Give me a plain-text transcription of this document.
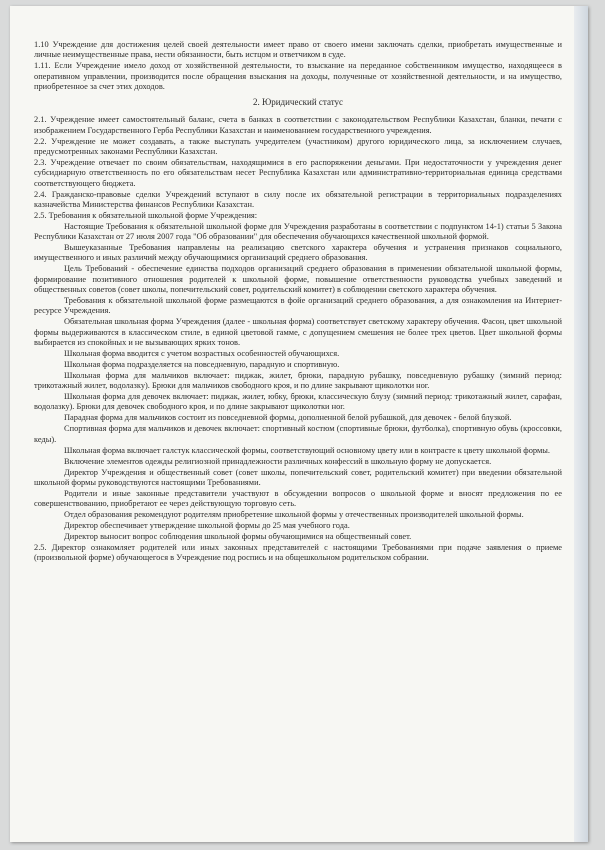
1.10 Учреждение для достижения целей своей деятельности имеет право от своего имени заключать сделки, приобретать имущественные и личные неимущественные права, нести обязанности, быть истцом и ответчиком в суде.

1.11. Если Учреждение имело доход от хозяйственной деятельности, то взыскание на переданное собственником имущество, находящееся в оперативном управлении, производится после обращения взыскания на доходы, полученные от хозяйственной деятельности, и на имущество, приобретенное за счет этих доходов.

2. Юридический статус

2.1. Учреждение имеет самостоятельный баланс, счета в банках в соответствии с законодательством Республики Казахстан, бланки, печати с изображением Государственного Герба Республики Казахстан и наименованием государственного учреждения.

2.2. Учреждение не может создавать, а также выступать учредителем (участником) другого юридического лица, за исключением случаев, предусмотренных законами Республики Казахстан.

2.3. Учреждение отвечает по своим обязательствам, находящимися в его распоряжении деньгами. При недостаточности у учреждения денег субсидиарную ответственность по его обязательствам несет Республика Казахстан или административно-территориальная единица средствами соответствующего бюджета.

2.4. Гражданско-правовые сделки Учреждений вступают в силу после их обязательной регистрации в территориальных подразделениях казначейства Министерства финансов Республики Казахстан.

2.5. Требования к обязательной школьной форме Учреждения:

Настоящие Требования к обязательной школьной форме для Учреждения разработаны в соответствии с подпунктом 14-1) статьи 5 Закона Республики Казахстан от 27 июля 2007 года "Об образовании" для обеспечения обучающихся качественной школьной формой.

Вышеуказанные Требования направлены на реализацию светского характера обучения и устранения признаков социального, имущественного и иных различий между обучающимися организаций среднего образования.

Цель Требований - обеспечение единства подходов организаций среднего образования в применении обязательной школьной формы, формирование позитивного отношения родителей к школьной форме, повышение ответственности руководства учебных заведений и общественных советов (совет школы, попечительский совет, родительский комитет) в соблюдении светского характера обучения.

Требования к обязательной школьной форме размещаются в фойе организаций среднего образования, а для ознакомления на Интернет-ресурсе Учреждения.

Обязательная школьная форма Учреждения (далее - школьная форма) соответствует светскому характеру обучения. Фасон, цвет школьной формы выдерживаются в классическом стиле, в единой цветовой гамме, с допущением смешения не более трех цветов. Цвет школьной формы выбирается из спокойных и не вызывающих ярких тонов.

Школьная форма вводится с учетом возрастных особенностей обучающихся.

Школьная форма подразделяется на повседневную, парадную и спортивную.

Школьная форма для мальчиков включает: пиджак, жилет, брюки, парадную рубашку, повседневную рубашку (зимний период: трикотажный жилет, водолазку). Брюки для мальчиков свободного кроя, и по длине закрывают щиколотки ног.

Школьная форма для девочек включает: пиджак, жилет, юбку, брюки, классическую блузу (зимний период: трикотажный жилет, сарафан, водолазку). Брюки для девочек свободного кроя, и по длине закрывают щиколотки ног.

Парадная форма для мальчиков состоит из повседневной формы, дополненной белой рубашкой, для девочек - белой блузкой.

Спортивная форма для мальчиков и девочек включает: спортивный костюм (спортивные брюки, футболка), спортивную обувь (кроссовки, кеды).

Школьная форма включает галстук классической формы, соответствующий основному цвету или в контрасте к цвету школьной формы.

Включение элементов одежды религиозной принадлежности различных конфессий в школьную форму не допускается.

Директор Учреждения и общественный совет (совет школы, попечительский совет, родительский комитет) при введении обязательной школьной формы руководствуются настоящими Требованиями.

Родители и иные законные представители участвуют в обсуждении вопросов о школьной форме и вносят предложения по ее совершенствованию, приобретают ее через действующую торговую сеть.

Отдел образования рекомендуют родителям приобретение школьной формы у отечественных производителей школьной формы.

Директор обеспечивает утверждение школьной формы до 25 мая учебного года.

Директор выносит вопрос соблюдения школьной формы обучающимися на общественный совет.

2.5. Директор ознакомляет родителей или иных законных представителей с настоящими Требованиями при подаче заявления о приеме (произвольной форме) обучающегося в Учреждение под роспись и на общешкольном родительском собрании.
